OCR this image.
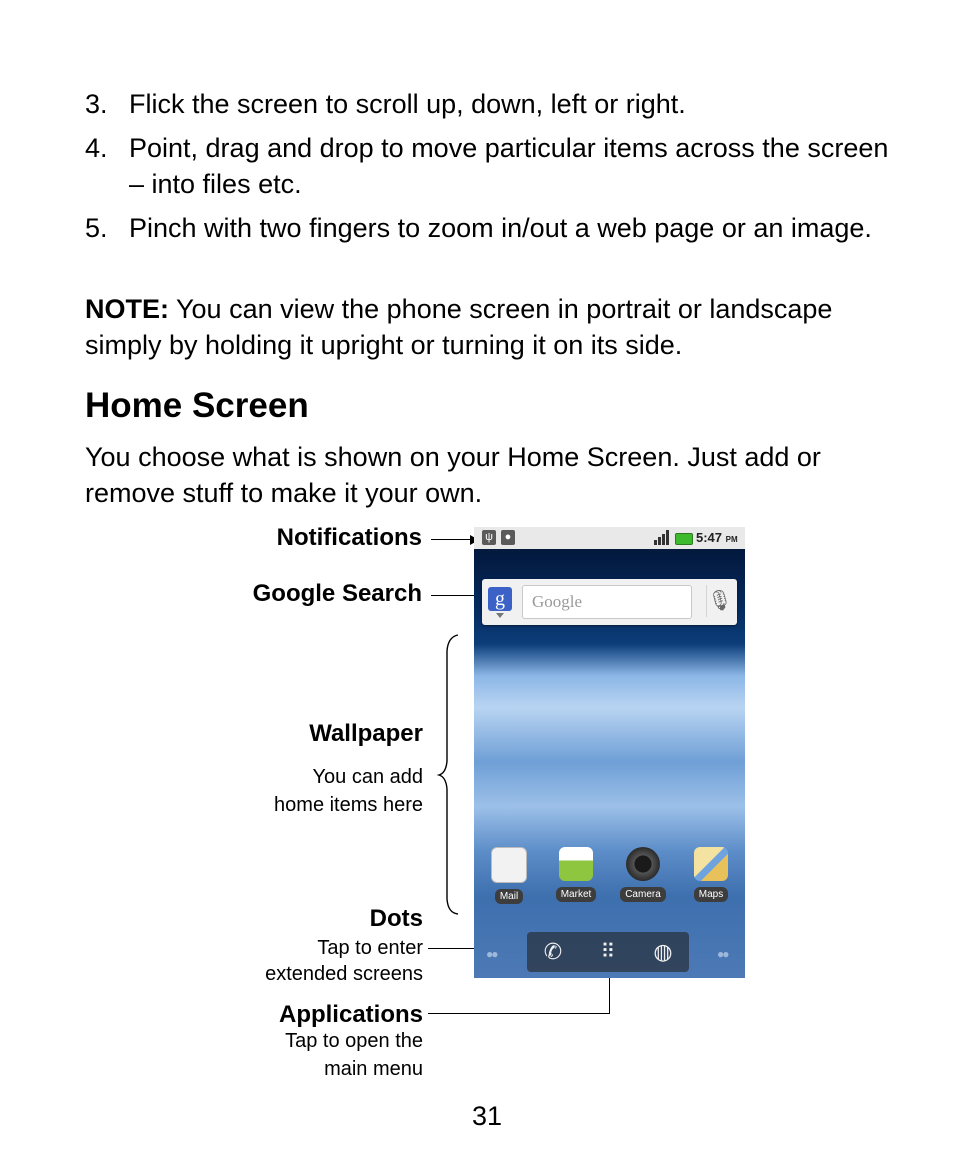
3. Flick the screen to scroll up, down, left or right.
4. Point, drag and drop to move particular items across the screen – into files etc.
5. Pinch with two fingers to zoom in/out a web page or an image.

NOTE: You can view the phone screen in portrait or landscape simply by holding it upright or turning it on its side.

Home Screen

You choose what is shown on your Home Screen. Just add or remove stuff to make it your own.

Notifications
Google Search
Wallpaper
You can add
home items here
Dots
Tap to enter
extended screens
Applications
Tap to open the
main menu
ψ	●	5:47 PM
g	Google	🎙
Mail	Market	Camera	Maps
●●	●●
✆	⠿	◍

31
